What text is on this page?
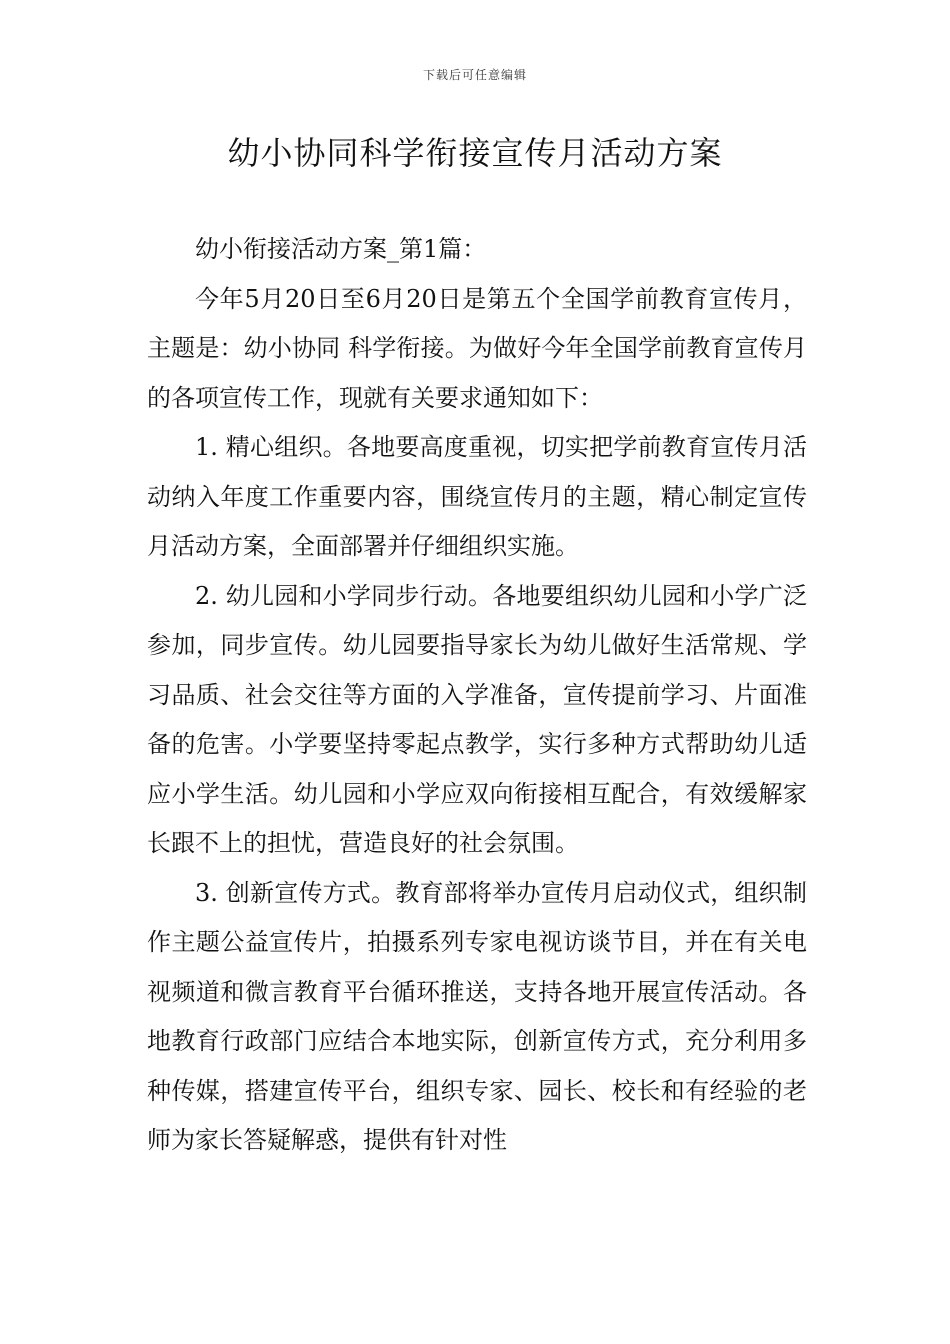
下载后可任意编辑
幼小协同科学衔接宣传月活动方案

幼小衔接活动方案_第1篇：

今年5月20日至6月20日是第五个全国学前教育宣传月，主题是：幼小协同 科学衔接。为做好今年全国学前教育宣传月的各项宣传工作，现就有关要求通知如下：

1. 精心组织。各地要高度重视，切实把学前教育宣传月活动纳入年度工作重要内容，围绕宣传月的主题，精心制定宣传月活动方案，全面部署并仔细组织实施。

2. 幼儿园和小学同步行动。各地要组织幼儿园和小学广泛参加，同步宣传。幼儿园要指导家长为幼儿做好生活常规、学习品质、社会交往等方面的入学准备，宣传提前学习、片面准备的危害。小学要坚持零起点教学，实行多种方式帮助幼儿适应小学生活。幼儿园和小学应双向衔接相互配合，有效缓解家长跟不上的担忧，营造良好的社会氛围。

3. 创新宣传方式。教育部将举办宣传月启动仪式，组织制作主题公益宣传片，拍摄系列专家电视访谈节目，并在有关电视频道和微言教育平台循环推送，支持各地开展宣传活动。各地教育行政部门应结合本地实际，创新宣传方式，充分利用多种传媒，搭建宣传平台，组织专家、园长、校长和有经验的老师为家长答疑解惑，提供有针对性
